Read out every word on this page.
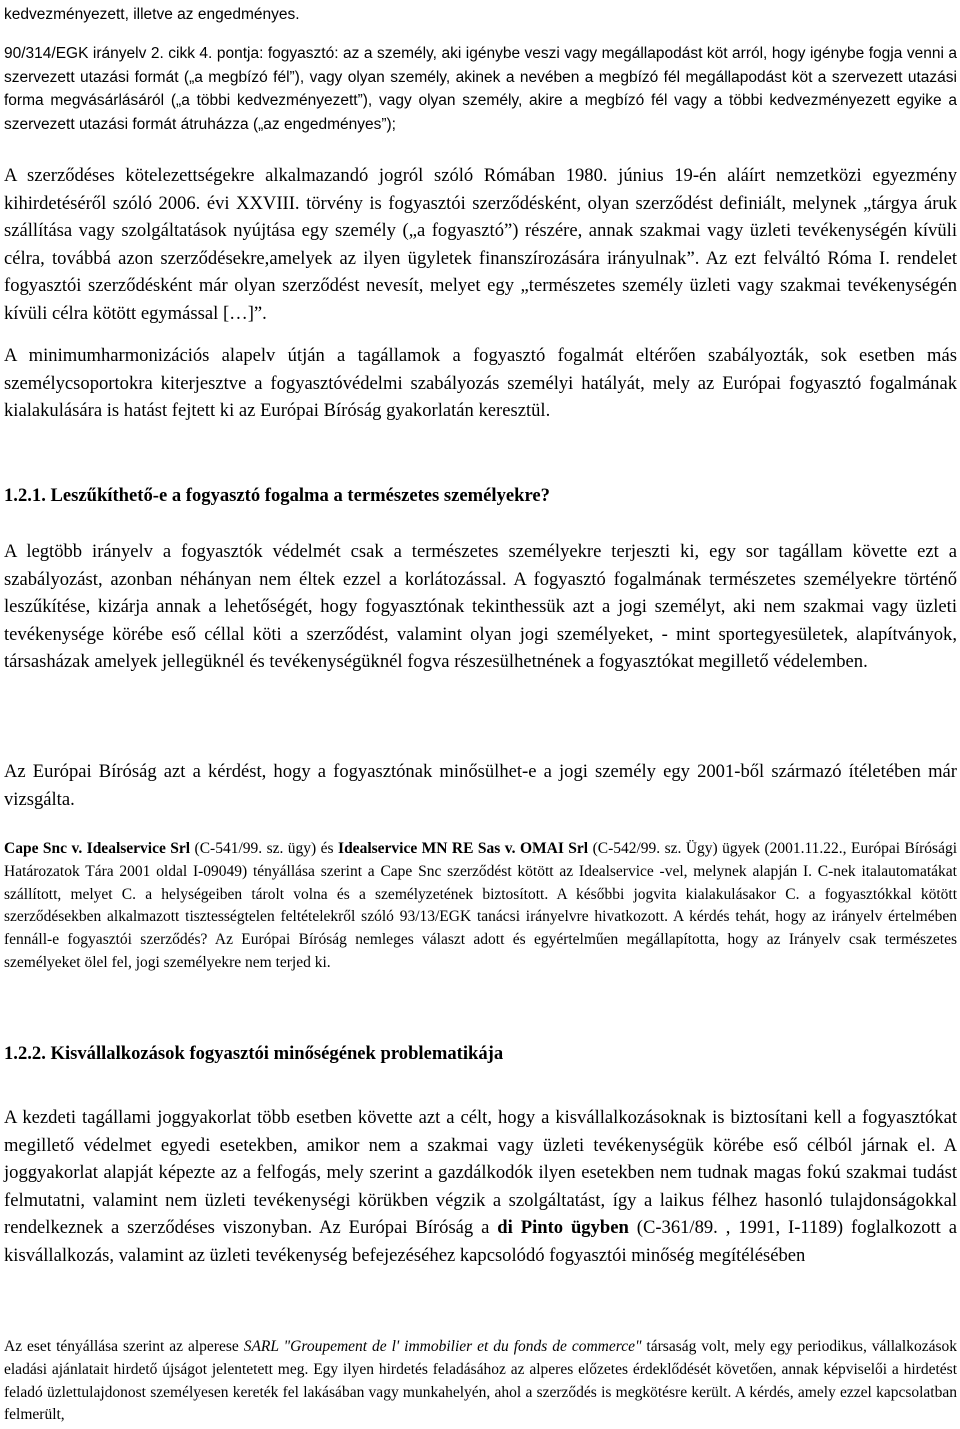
kedvezményezett, illetve az engedményes.

90/314/EGK irányelv 2. cikk 4. pontja: fogyasztó: az a személy, aki igénybe veszi vagy megállapodást köt arról, hogy igénybe fogja venni a szervezett utazási formát („a megbízó fél”), vagy olyan személy, akinek a nevében a megbízó fél megállapodást köt a szervezett utazási forma megvásárlásáról („a többi kedvezményezett”), vagy olyan személy, akire a megbízó fél vagy a többi kedvezményezett egyike a szervezett utazási formát átruházza („az engedményes”);

A szerződéses kötelezettségekre alkalmazandó jogról szóló Rómában 1980. június 19-én aláírt nemzetközi egyezmény kihirdetéséről szóló 2006. évi XXVIII. törvény is fogyasztói szerződésként, olyan szerződést definiált, melynek „tárgya áruk szállítása vagy szolgáltatások nyújtása egy személy („a fogyasztó”) részére, annak szakmai vagy üzleti tevékenységén kívüli célra, továbbá azon szerződésekre,amelyek az ilyen ügyletek finanszírozására irányulnak”. Az ezt felváltó Róma I. rendelet fogyasztói szerződésként már olyan szerződést nevesít, melyet egy „természetes személy üzleti vagy szakmai tevékenységén kívüli célra kötött egymással […]”.

A minimumharmonizációs alapelv útján a tagállamok a fogyasztó fogalmát eltérően szabályozták, sok esetben más személycsoportokra kiterjesztve a fogyasztóvédelmi szabályozás személyi hatályát, mely az Európai fogyasztó fogalmának kialakulására is hatást fejtett ki az Európai Bíróság gyakorlatán keresztül.

1.2.1. Leszűkíthető-e a fogyasztó fogalma a természetes személyekre?

A legtöbb irányelv a fogyasztók védelmét csak a természetes személyekre terjeszti ki, egy sor tagállam követte ezt a szabályozást, azonban néhányan nem éltek ezzel a korlátozással. A fogyasztó fogalmának természetes személyekre történő leszűkítése, kizárja annak a lehetőségét, hogy fogyasztónak tekinthessük azt a jogi személyt, aki nem szakmai vagy üzleti tevékenysége körébe eső céllal köti a szerződést, valamint olyan jogi személyeket, - mint sportegyesületek, alapítványok, társasházak amelyek jellegüknél és tevékenységüknél fogva részesülhetnének a fogyasztókat megillető védelemben.

Az Európai Bíróság azt a kérdést, hogy a fogyasztónak minősülhet-e a jogi személy egy 2001-ből származó ítéletében már vizsgálta.

Cape Snc v. Idealservice Srl (C-541/99. sz. ügy) és Idealservice MN RE Sas v. OMAI Srl (C-542/99. sz. Ügy) ügyek (2001.11.22., Európai Bírósági Határozatok Tára 2001 oldal I-09049) tényállása szerint a Cape Snc szerződést kötött az Idealservice -vel, melynek alapján I. C-nek italautomatákat szállított, melyet C. a helységeiben tárolt volna és a személyzetének biztosított. A későbbi jogvita kialakulásakor C. a fogyasztókkal kötött szerződésekben alkalmazott tisztességtelen feltételekről szóló 93/13/EGK tanácsi irányelvre hivatkozott. A kérdés tehát, hogy az irányelv értelmében fennáll-e fogyasztói szerződés? Az Európai Bíróság nemleges választ adott és egyértelműen megállapította, hogy az Irányelv csak természetes személyeket ölel fel, jogi személyekre nem terjed ki.

1.2.2. Kisvállalkozások fogyasztói minőségének problematikája

A kezdeti tagállami joggyakorlat több esetben követte azt a célt, hogy a kisvállalkozásoknak is biztosítani kell a fogyasztókat megillető védelmet egyedi esetekben, amikor nem a szakmai vagy üzleti tevékenységük körébe eső célból járnak el. A joggyakorlat alapját képezte az a felfogás, mely szerint a gazdálkodók ilyen esetekben nem tudnak magas fokú szakmai tudást felmutatni, valamint nem üzleti tevékenységi körükben végzik a szolgáltatást, így a laikus félhez hasonló tulajdonságokkal rendelkeznek a szerződéses viszonyban. Az Európai Bíróság a di Pinto ügyben (C-361/89. , 1991, I-1189) foglalkozott a kisvállalkozás, valamint az üzleti tevékenység befejezéséhez kapcsolódó fogyasztói minőség megítélésében

Az eset tényállása szerint az alperese SARL "Groupement de l' immobilier et du fonds de commerce" társaság volt, mely egy periodikus, vállalkozások eladási ajánlatait hirdető újságot jelentetett meg. Egy ilyen hirdetés feladásához az alperes előzetes érdeklődését követően, annak képviselői a hirdetést feladó üzlettulajdonost személyesen kereték fel lakásában vagy munkahelyén, ahol a szerződés is megkötésre került. A kérdés, amely ezzel kapcsolatban felmerült,
